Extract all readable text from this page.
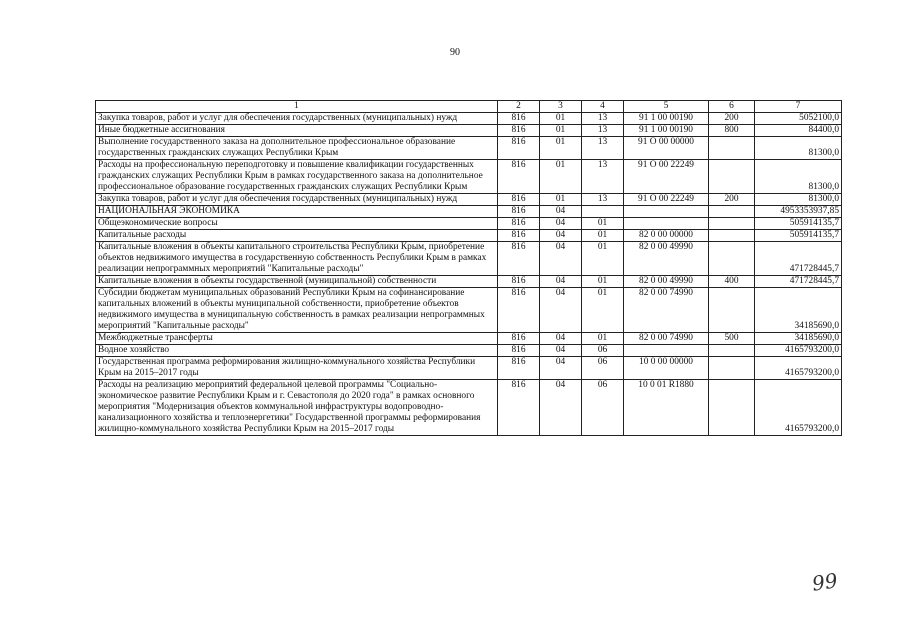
90
1	2	3	4	5	6	7
Закупка товаров, работ и услуг для обеспечения государственных (муниципальных) нужд	816	01	13	91 1 00 00190	200	5052100,0
Иные бюджетные ассигнования	816	01	13	91 1 00 00190	800	84400,0
Выполнение государственного заказа на дополнительное профессиональное образование государственных гражданских служащих Республики Крым	816	01	13	91 О 00 00000		81300,0
Расходы на профессиональную переподготовку и повышение квалификации государственных гражданских служащих Республики Крым в рамках государственного заказа на дополнительное профессиональное образование государственных гражданских служащих Республики Крым	816	01	13	91 О 00 22249		81300,0
Закупка товаров, работ и услуг для обеспечения государственных (муниципальных) нужд	816	01	13	91 О 00 22249	200	81300,0
НАЦИОНАЛЬНАЯ ЭКОНОМИКА	816	04				4953353937,85
Общеэкономические вопросы	816	04	01			505914135,7
Капитальные расходы	816	04	01	82 0 00 00000		505914135,7
Капитальные вложения в объекты капитального строительства Республики Крым, приобретение объектов недвижимого имущества в государственную собственность Республики Крым в рамках реализации непрограммных мероприятий "Капитальные расходы"	816	04	01	82 0 00 49990		471728445,7
Капитальные вложения в объекты государственной (муниципальной) собственности	816	04	01	82 0 00 49990	400	471728445,7
Субсидии бюджетам муниципальных образований Республики Крым на софинансирование капитальных вложений в объекты муниципальной собственности, приобретение объектов недвижимого имущества в муниципальную собственность в рамках реализации непрограммных мероприятий "Капитальные расходы"	816	04	01	82 0 00 74990		34185690,0
Межбюджетные трансферты	816	04	01	82 0 00 74990	500	34185690,0
Водное хозяйство	816	04	06			4165793200,0
Государственная программа реформирования жилищно-коммунального хозяйства Республики Крым на 2015–2017 годы	816	04	06	10 0 00 00000		4165793200,0
Расходы на реализацию мероприятий федеральной целевой программы "Социально-экономическое развитие Республики Крым и г. Севастополя до 2020 года" в рамках основного мероприятия "Модернизация объектов коммунальной инфраструктуры водопроводно-канализационного хозяйства и теплоэнергетики" Государственной программы реформирования жилищно-коммунального хозяйства Республики Крым на 2015–2017 годы	816	04	06	10 0 01 R1880		4165793200,0
99
